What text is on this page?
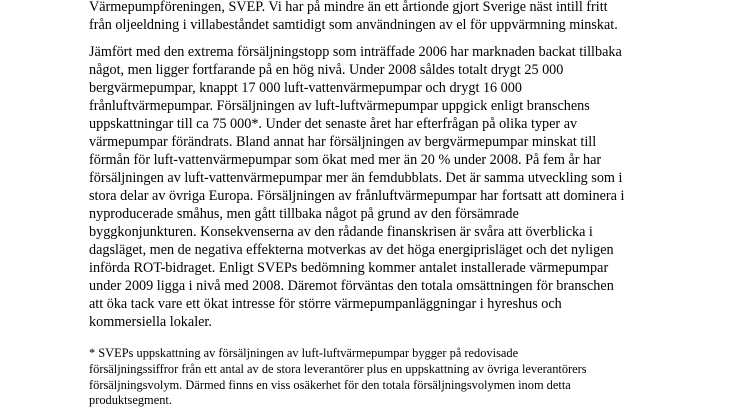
Värmepumpföreningen, SVEP. Vi har på mindre än ett årtionde gjort Sverige näst intill fritt
från oljeeldning i villabeståndet samtidigt som användningen av el för uppvärmning minskat.
Jämfört med den extrema försäljningstopp som inträffade 2006 har marknaden backat tillbaka
något, men ligger fortfarande på en hög nivå. Under 2008 såldes totalt drygt 25 000
bergvärmepumpar, knappt 17 000 luft-vattenvärmepumpar och drygt 16 000
frånluftvärmepumpar. Försäljningen av luft-luftvärmepumpar uppgick enligt branschens
uppskattningar till ca 75 000*. Under det senaste året har efterfrågan på olika typer av
värmepumpar förändrats. Bland annat har försäljningen av bergvärmepumpar minskat till
förmån för luft-vattenvärmepumpar som ökat med mer än 20 % under 2008. På fem år har
försäljningen av luft-vattenvärmepumpar mer än femdubblats. Det är samma utveckling som i
stora delar av övriga Europa. Försäljningen av frånluftvärmepumpar har fortsatt att dominera i
nyproducerade småhus, men gått tillbaka något på grund av den försämrade
byggkonjunkturen. Konsekvenserna av den rådande finanskrisen är svåra att överblicka i
dagsläget, men de negativa effekterna motverkas av det höga energiprisläget och det nyligen
införda ROT-bidraget. Enligt SVEPs bedömning kommer antalet installerade värmepumpar
under 2009 ligga i nivå med 2008. Däremot förväntas den totala omsättningen för branschen
att öka tack vare ett ökat intresse för större värmepumpanläggningar i hyreshus och
kommersiella lokaler.
* SVEPs uppskattning av försäljningen av luft-luftvärmepumpar bygger på redovisade
försäljningssiffror från ett antal av de stora leverantörer plus en uppskattning av övriga leverantörers
försäljningsvolym. Därmed finns en viss osäkerhet för den totala försäljningsvolymen inom detta
produktsegment.
